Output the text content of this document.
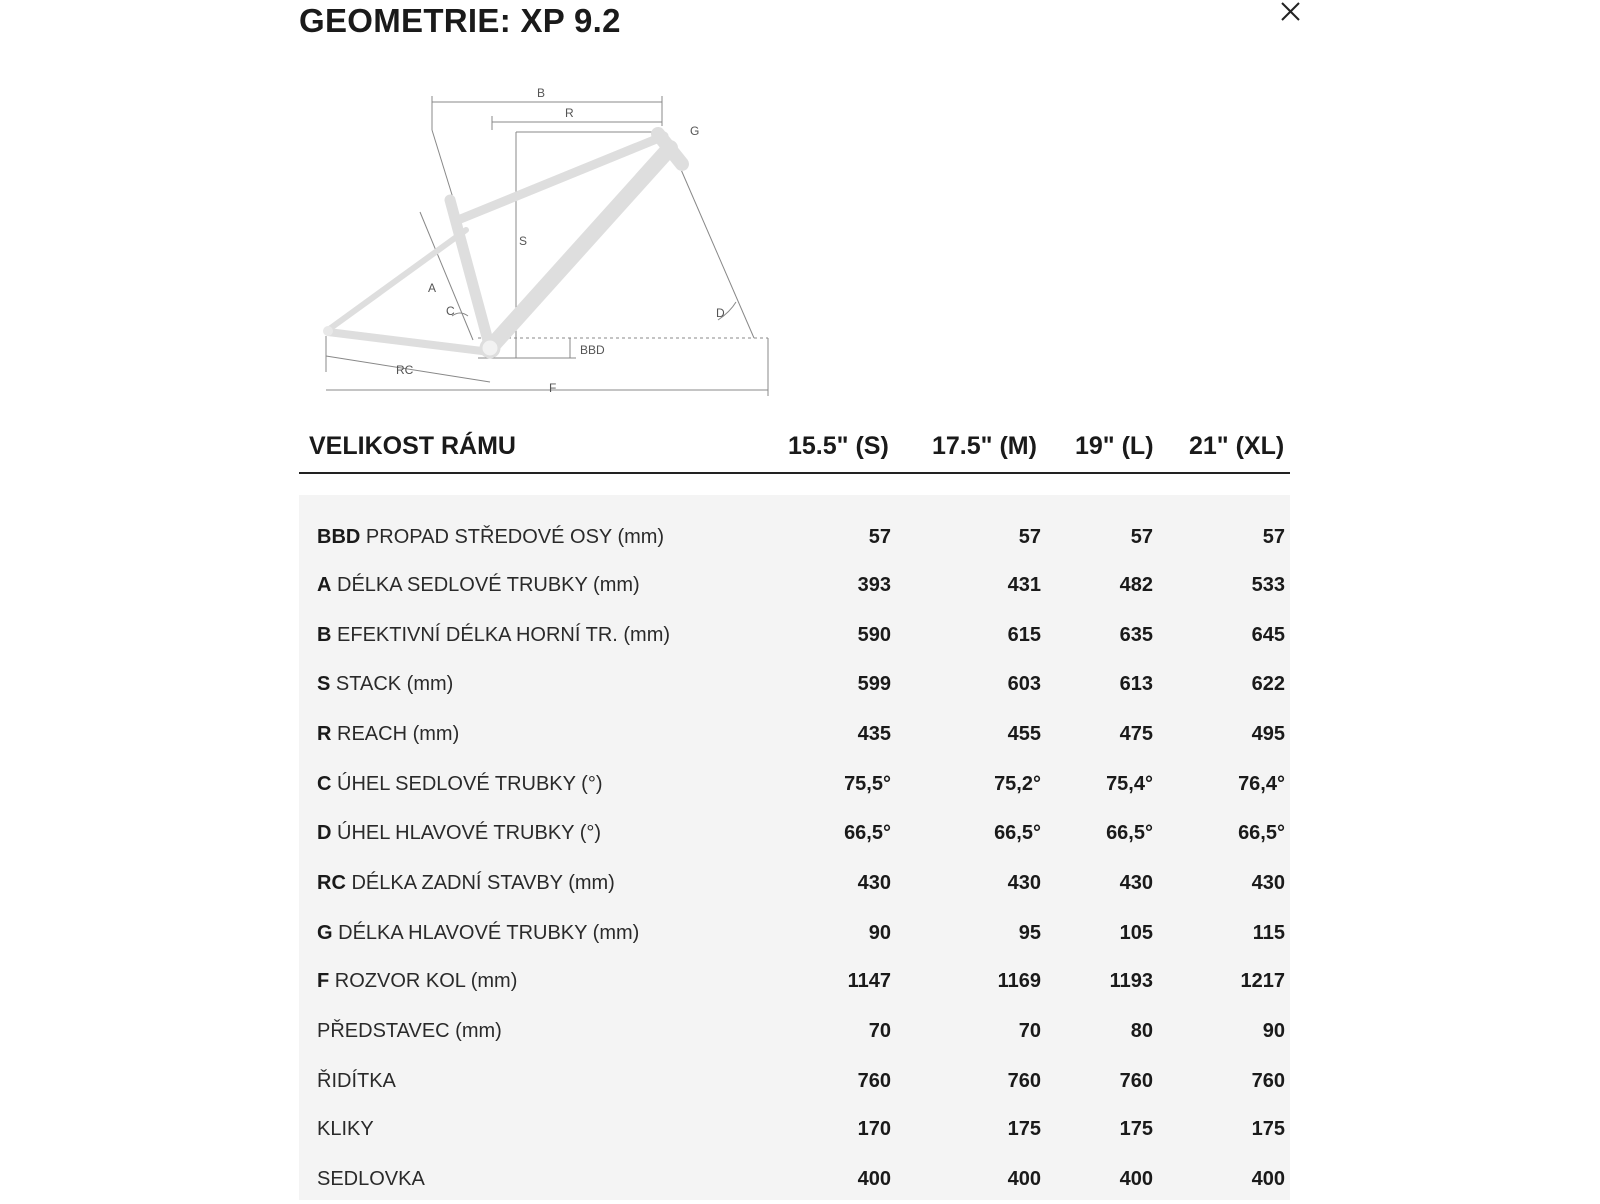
GEOMETRIE: XP 9.2
B
R
G
S
A
C	D
BBD
RC
F
VELIKOST RÁMU	15.5" (S) 17.5" (M) 19" (L) 21" (XL)
BBD PROPAD STŘEDOVÉ OSY (mm)	57	57	57	57
A DÉLKA SEDLOVÉ TRUBKY (mm)	393	431	482	533
B EFEKTIVNÍ DÉLKA HORNÍ TR. (mm)	590	615	635	645
S STACK (mm)	599	603	613	622
R REACH (mm)	435	455	475	495
C ÚHEL SEDLOVÉ TRUBKY (°)	75,5°	75,2°	75,4°	76,4°
D ÚHEL HLAVOVÉ TRUBKY (°)	66,5°	66,5°	66,5°	66,5°
RC DÉLKA ZADNÍ STAVBY (mm)	430	430	430	430
G DÉLKA HLAVOVÉ TRUBKY (mm)	90	95	105	115
F ROZVOR KOL (mm)	1147	1169	1193	1217
PŘEDSTAVEC (mm)	70	70	80	90
ŘIDÍTKA	760	760	760	760
KLIKY	170	175	175	175
SEDLOVKA	400	400	400	400
